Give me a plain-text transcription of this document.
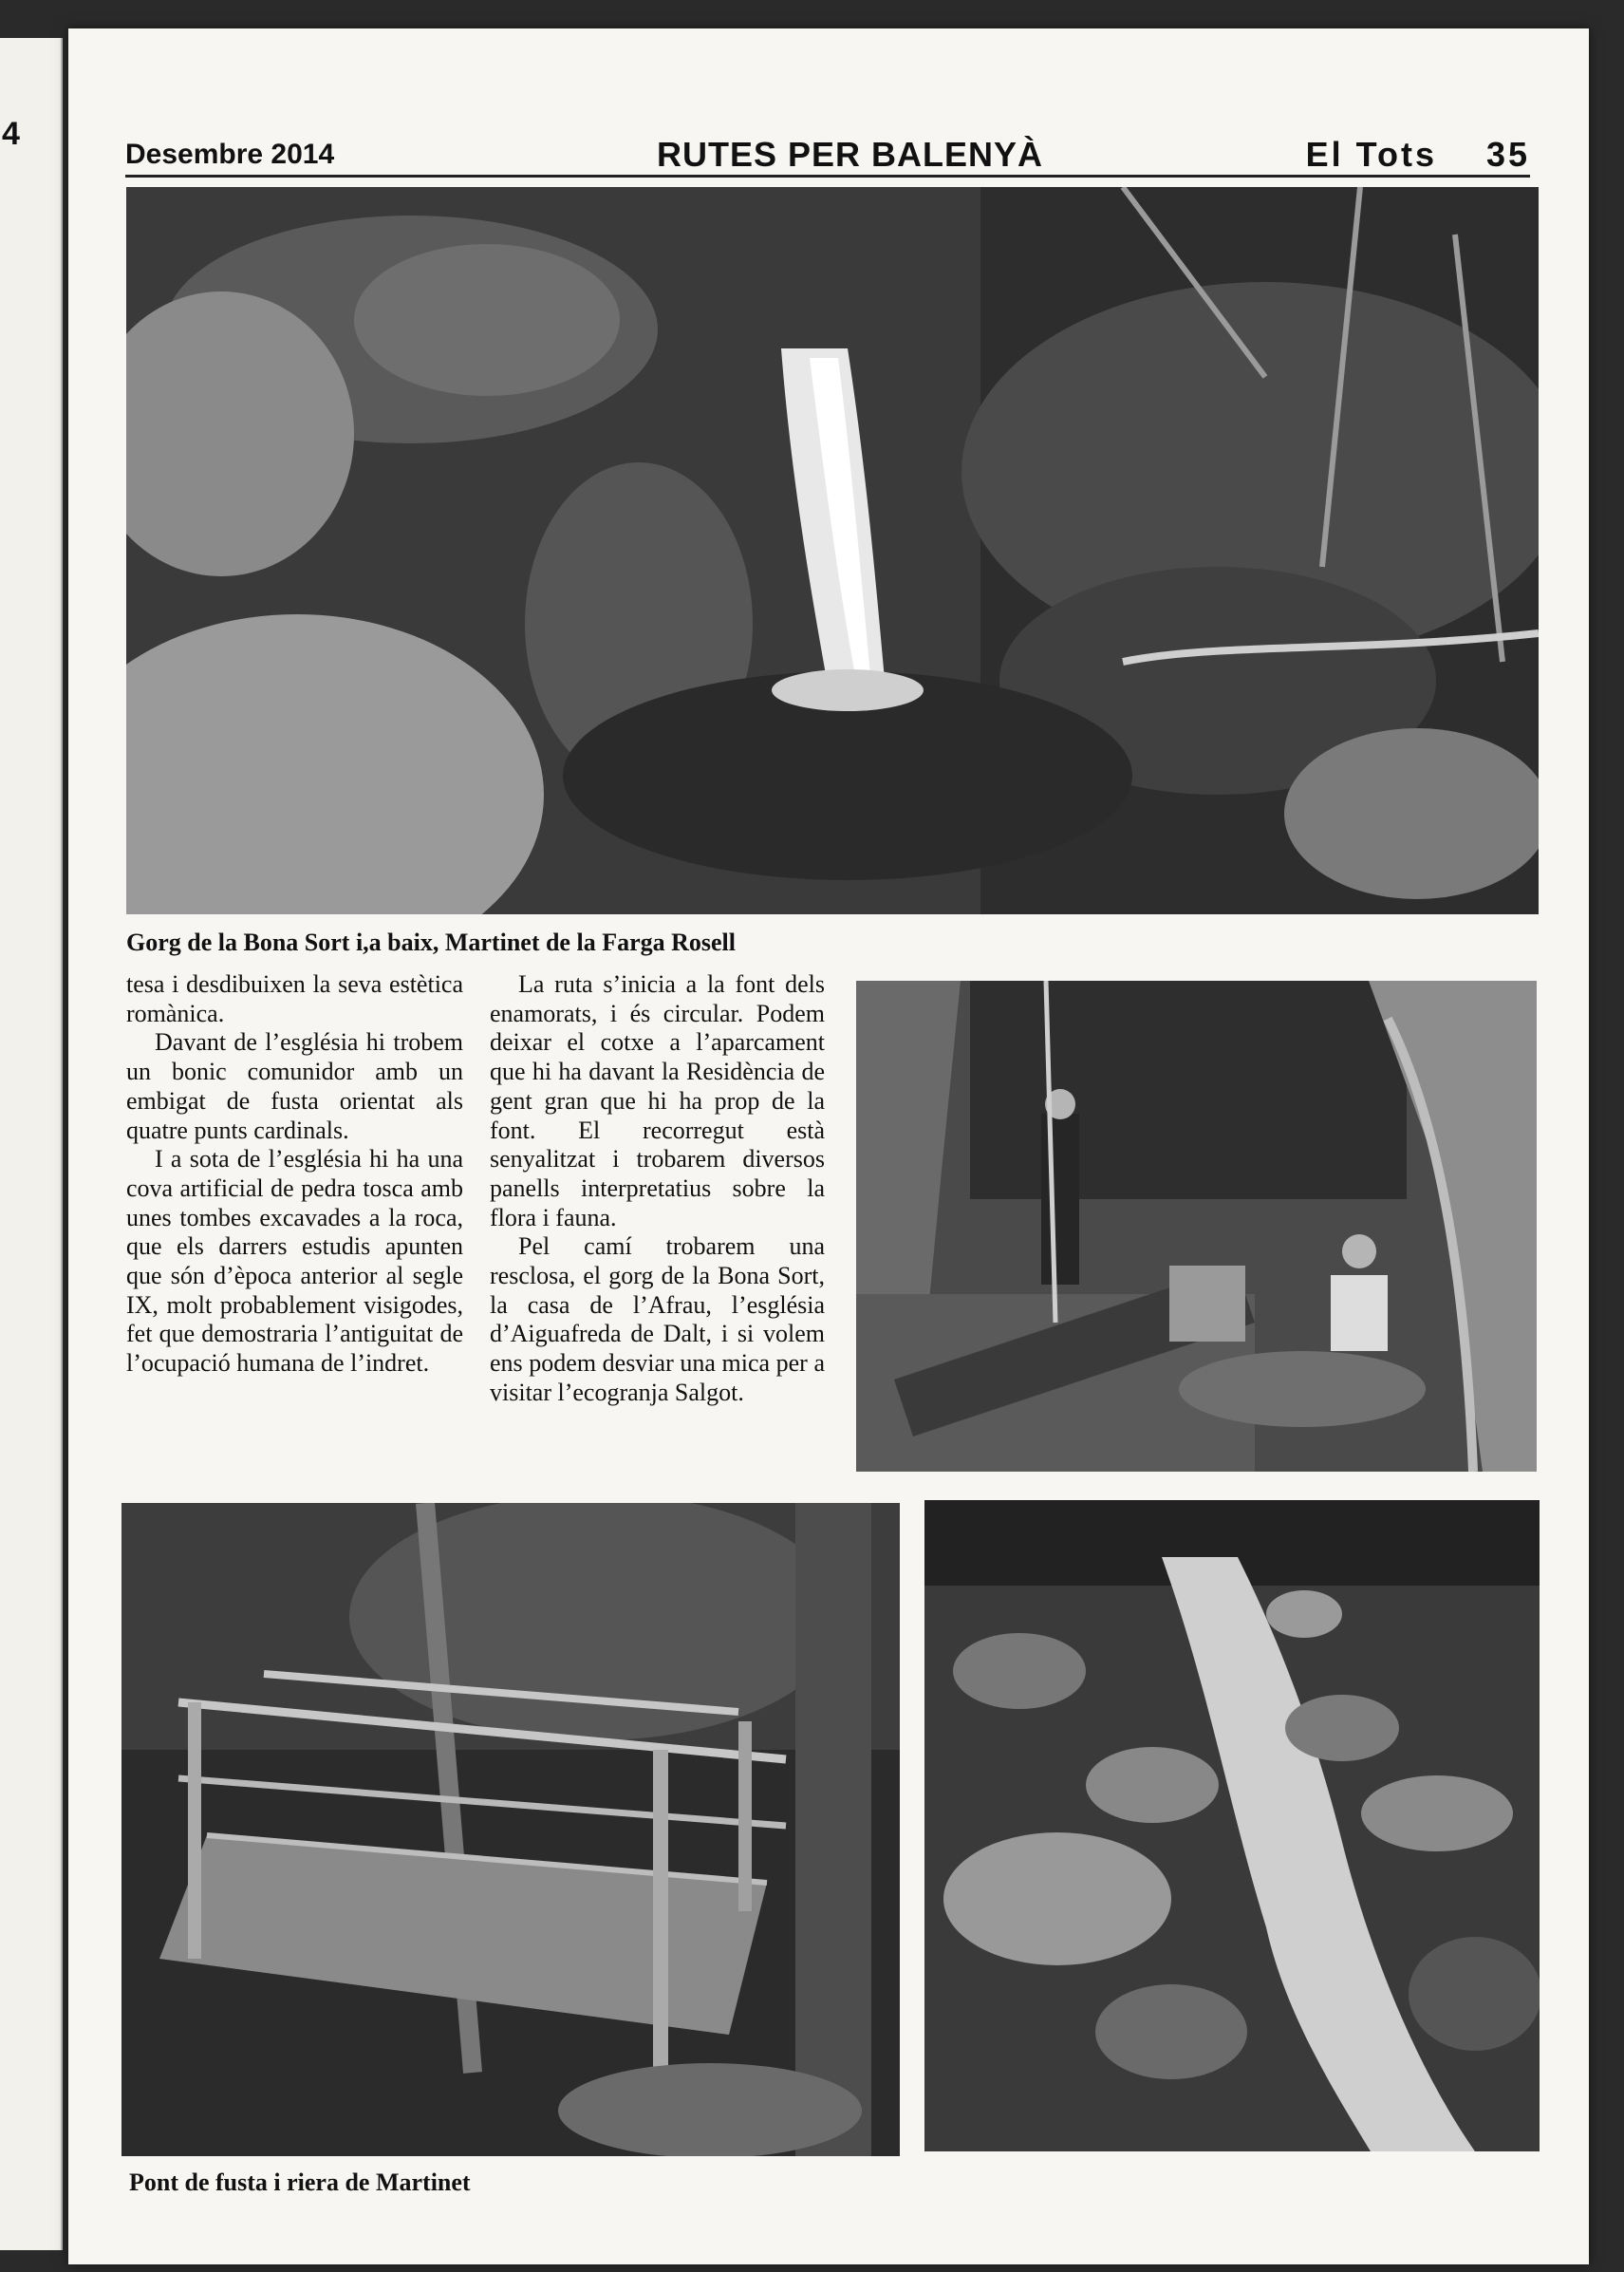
4
Desembre 2014	RUTES PER BALENYÀ	El Tots 35
Gorg de la Bona Sort i,a baix, Martinet de la Farga Rosell

tesa i desdibuixen la seva estètica romànica.

Davant de l’església hi trobem un bonic comunidor amb un embigat de fusta orientat als quatre punts cardinals.

I a sota de l’església hi ha una cova artificial de pedra tosca amb unes tombes excavades a la roca, que els darrers estudis apunten que són d’època anterior al segle IX, molt probablement visigodes, fet que demostraria l’antiguitat de l’ocupació humana de l’indret.

La ruta s’inicia a la font dels enamorats, i és circular. Podem deixar el cotxe a l’aparcament que hi ha davant la Residència de gent gran que hi ha prop de la font. El recorregut està senyalitzat i trobarem diversos panells interpretatius sobre la flora i fauna.

Pel camí trobarem una resclosa, el gorg de la Bona Sort, la casa de l’Afrau, l’església d’Aiguafreda de Dalt, i si volem ens podem desviar una mica per a visitar l’ecogranja Salgot.

Pont de fusta i riera de Martinet
